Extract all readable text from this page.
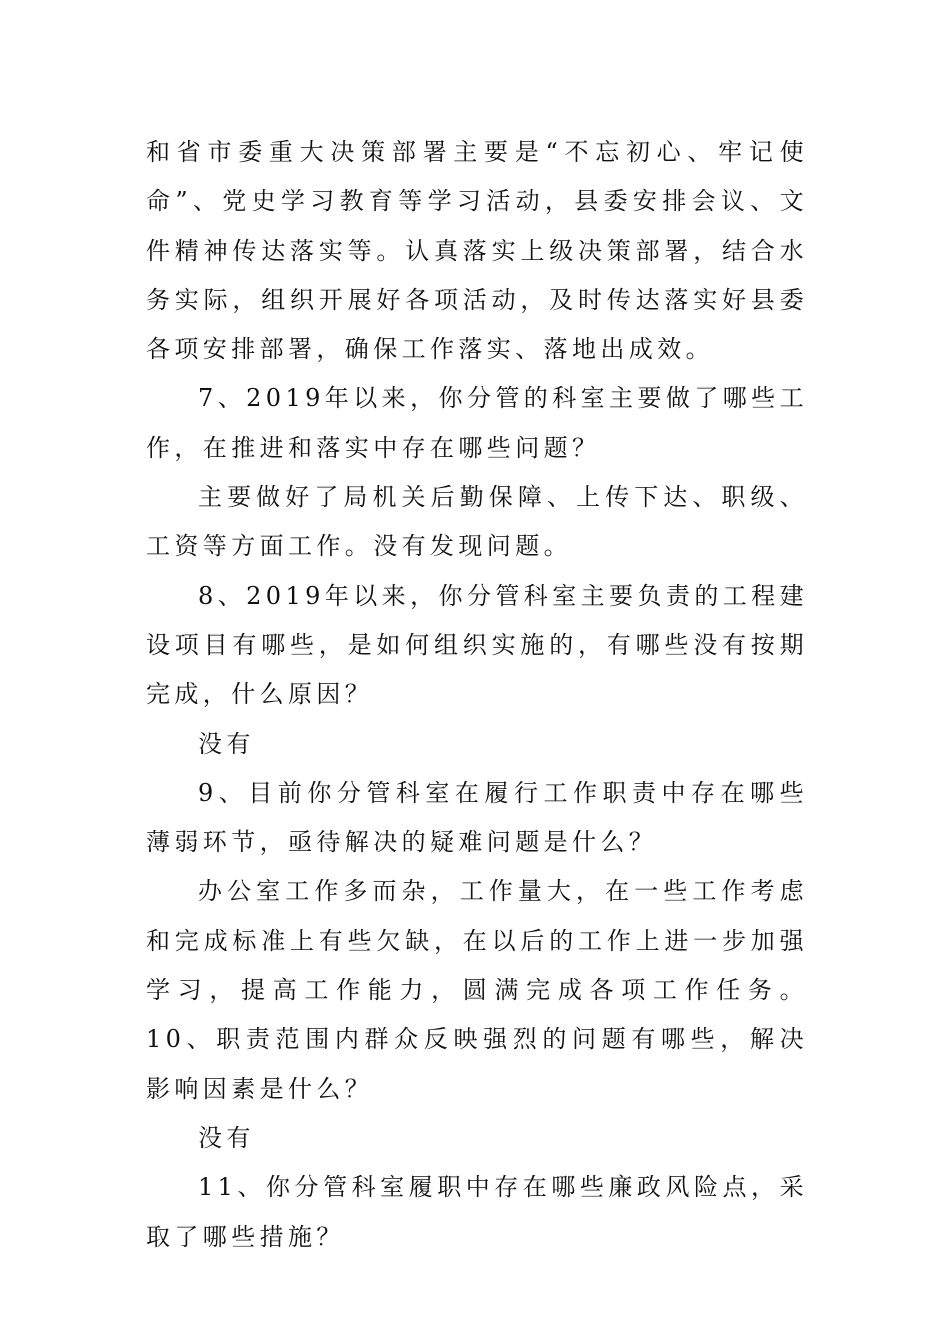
和省市委重大决策部署主要是“不忘初心、牢记使命”、党史学习教育等学习活动，县委安排会议、文件精神传达落实等。认真落实上级决策部署，结合水务实际，组织开展好各项活动，及时传达落实好县委各项安排部署，确保工作落实、落地出成效。

7、2019年以来，你分管的科室主要做了哪些工作，在推进和落实中存在哪些问题？

主要做好了局机关后勤保障、上传下达、职级、工资等方面工作。没有发现问题。

8、2019年以来，你分管科室主要负责的工程建设项目有哪些，是如何组织实施的，有哪些没有按期完成，什么原因？

没有

9、目前你分管科室在履行工作职责中存在哪些薄弱环节，亟待解决的疑难问题是什么？

办公室工作多而杂，工作量大，在一些工作考虑和完成标准上有些欠缺，在以后的工作上进一步加强学习，提高工作能力，圆满完成各项工作任务。10、职责范围内群众反映强烈的问题有哪些，解决影响因素是什么？

没有

11、你分管科室履职中存在哪些廉政风险点，采取了哪些措施？
